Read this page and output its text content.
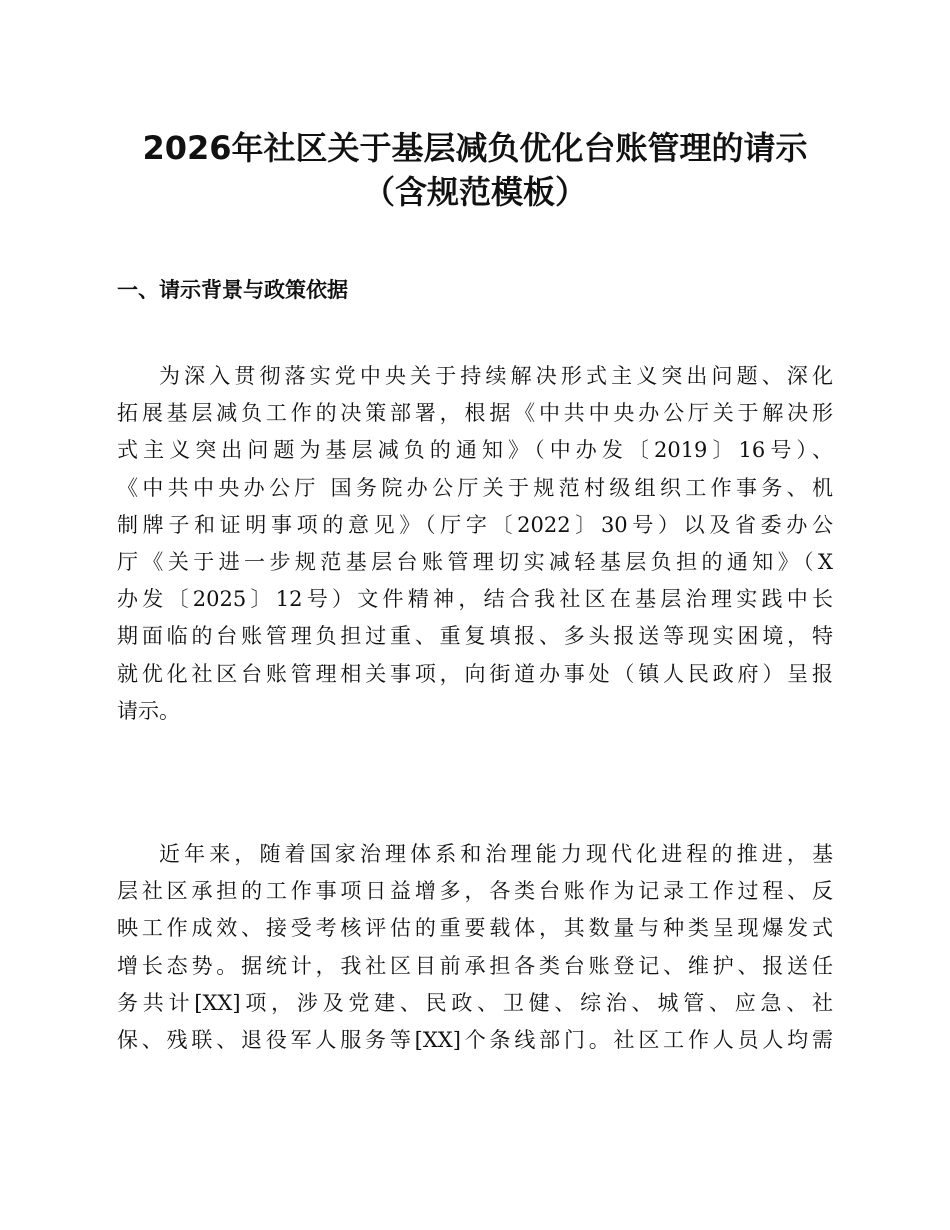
2026年社区关于基层减负优化台账管理的请示
（含规范模板）
一、请示背景与政策依据
为深入贯彻落实党中央关于持续解决形式主义突出问题、深化
拓展基层减负工作的决策部署，根据《中共中央办公厅关于解决形
式主义突出问题为基层减负的通知》（中办发〔2019〕16号）、
《中共中央办公厅 国务院办公厅关于规范村级组织工作事务、机
制牌子和证明事项的意见》（厅字〔2022〕30号）以及省委办公
厅《关于进一步规范基层台账管理切实减轻基层负担的通知》（X
办发〔2025〕12号）文件精神，结合我社区在基层治理实践中长
期面临的台账管理负担过重、重复填报、多头报送等现实困境，特
就优化社区台账管理相关事项，向街道办事处（镇人民政府）呈报
请示。
近年来，随着国家治理体系和治理能力现代化进程的推进，基
层社区承担的工作事项日益增多，各类台账作为记录工作过程、反
映工作成效、接受考核评估的重要载体，其数量与种类呈现爆发式
增长态势。据统计，我社区目前承担各类台账登记、维护、报送任
务共计[XX]项，涉及党建、民政、卫健、综治、城管、应急、社
保、残联、退役军人服务等[XX]个条线部门。社区工作人员人均需
